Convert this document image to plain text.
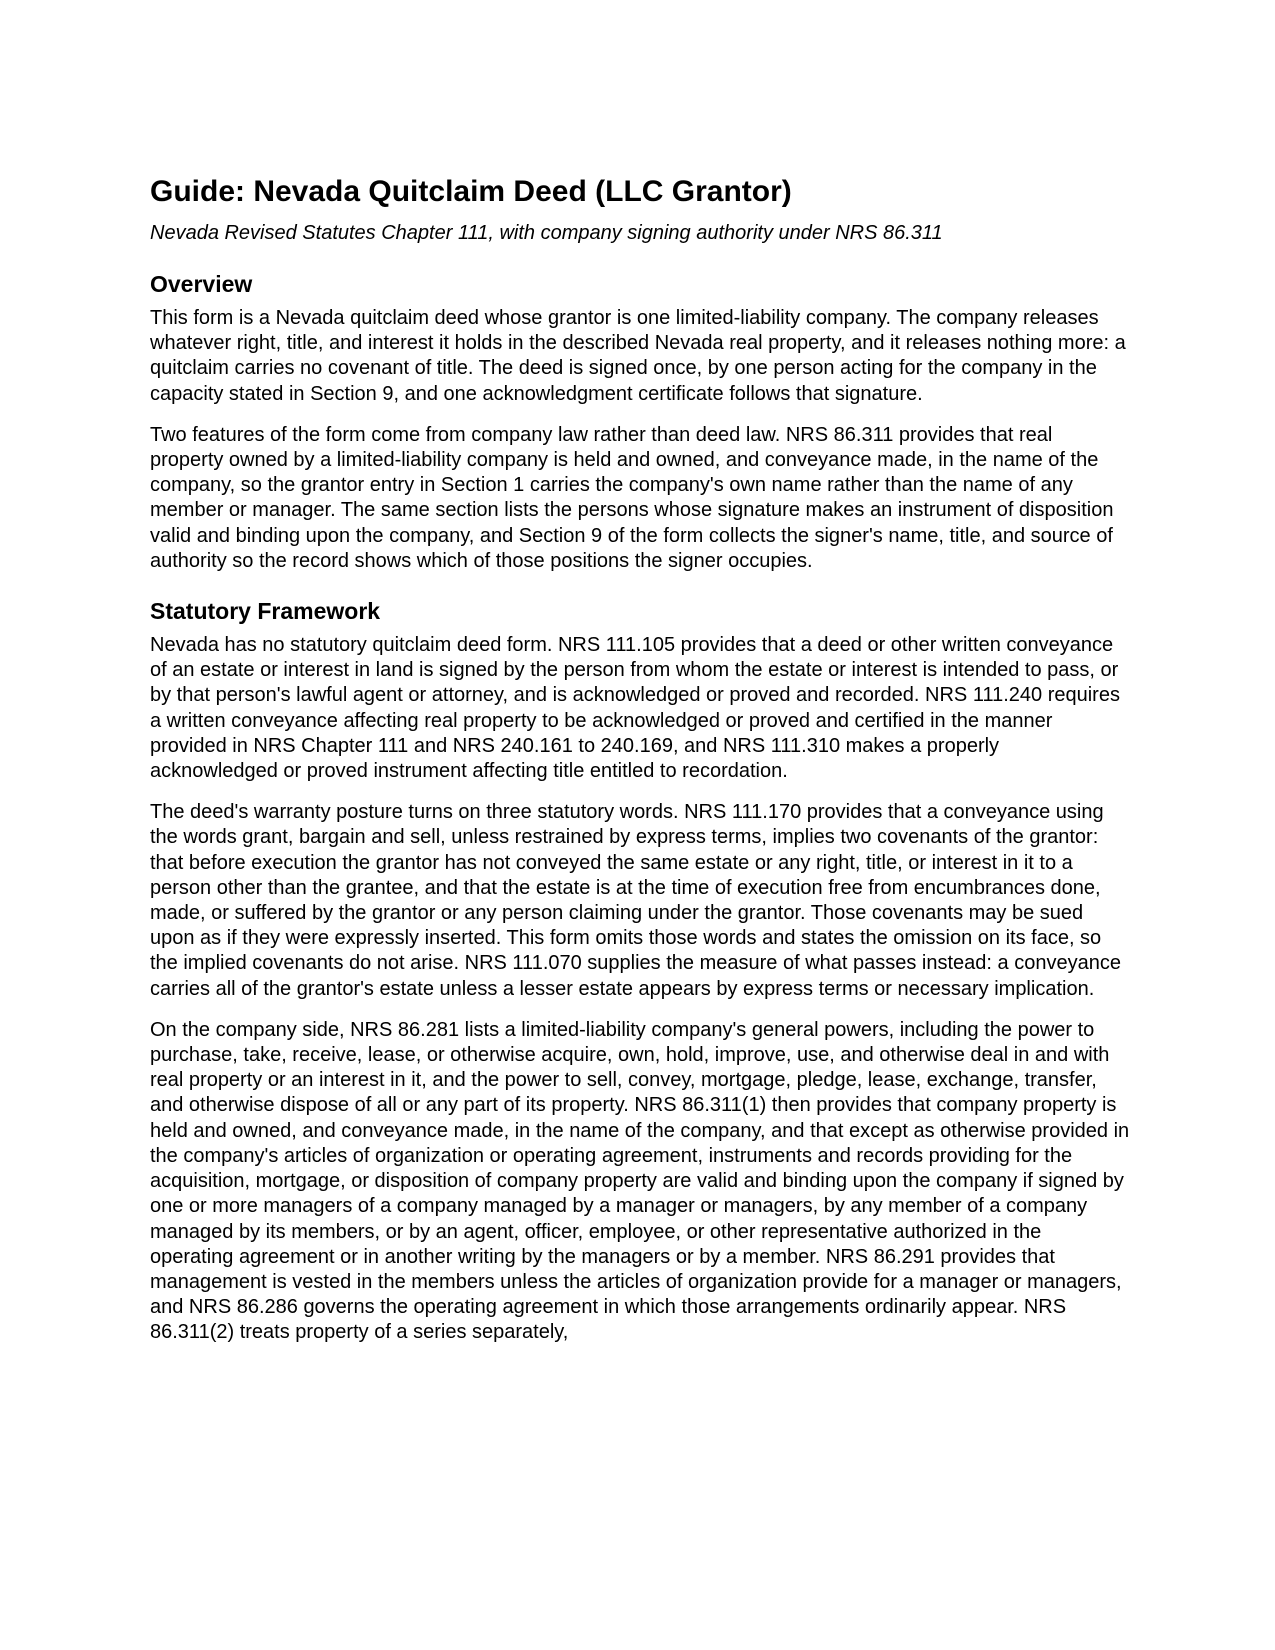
Guide: Nevada Quitclaim Deed (LLC Grantor)
Nevada Revised Statutes Chapter 111, with company signing authority under NRS 86.311
Overview

This form is a Nevada quitclaim deed whose grantor is one limited-liability company. The company releases whatever right, title, and interest it holds in the described Nevada real property, and it releases nothing more: a quitclaim carries no covenant of title. The deed is signed once, by one person acting for the company in the capacity stated in Section 9, and one acknowledgment certificate follows that signature.

Two features of the form come from company law rather than deed law. NRS 86.311 provides that real property owned by a limited-liability company is held and owned, and conveyance made, in the name of the company, so the grantor entry in Section 1 carries the company's own name rather than the name of any member or manager. The same section lists the persons whose signature makes an instrument of disposition valid and binding upon the company, and Section 9 of the form collects the signer's name, title, and source of authority so the record shows which of those positions the signer occupies.

Statutory Framework

Nevada has no statutory quitclaim deed form. NRS 111.105 provides that a deed or other written conveyance of an estate or interest in land is signed by the person from whom the estate or interest is intended to pass, or by that person's lawful agent or attorney, and is acknowledged or proved and recorded. NRS 111.240 requires a written conveyance affecting real property to be acknowledged or proved and certified in the manner provided in NRS Chapter 111 and NRS 240.161 to 240.169, and NRS 111.310 makes a properly acknowledged or proved instrument affecting title entitled to recordation.

The deed's warranty posture turns on three statutory words. NRS 111.170 provides that a conveyance using the words grant, bargain and sell, unless restrained by express terms, implies two covenants of the grantor: that before execution the grantor has not conveyed the same estate or any right, title, or interest in it to a person other than the grantee, and that the estate is at the time of execution free from encumbrances done, made, or suffered by the grantor or any person claiming under the grantor. Those covenants may be sued upon as if they were expressly inserted. This form omits those words and states the omission on its face, so the implied covenants do not arise. NRS 111.070 supplies the measure of what passes instead: a conveyance carries all of the grantor's estate unless a lesser estate appears by express terms or necessary implication.

On the company side, NRS 86.281 lists a limited-liability company's general powers, including the power to purchase, take, receive, lease, or otherwise acquire, own, hold, improve, use, and otherwise deal in and with real property or an interest in it, and the power to sell, convey, mortgage, pledge, lease, exchange, transfer, and otherwise dispose of all or any part of its property. NRS 86.311(1) then provides that company property is held and owned, and conveyance made, in the name of the company, and that except as otherwise provided in the company's articles of organization or operating agreement, instruments and records providing for the acquisition, mortgage, or disposition of company property are valid and binding upon the company if signed by one or more managers of a company managed by a manager or managers, by any member of a company managed by its members, or by an agent, officer, employee, or other representative authorized in the operating agreement or in another writing by the managers or by a member. NRS 86.291 provides that management is vested in the members unless the articles of organization provide for a manager or managers, and NRS 86.286 governs the operating agreement in which those arrangements ordinarily appear. NRS 86.311(2) treats property of a series separately,
